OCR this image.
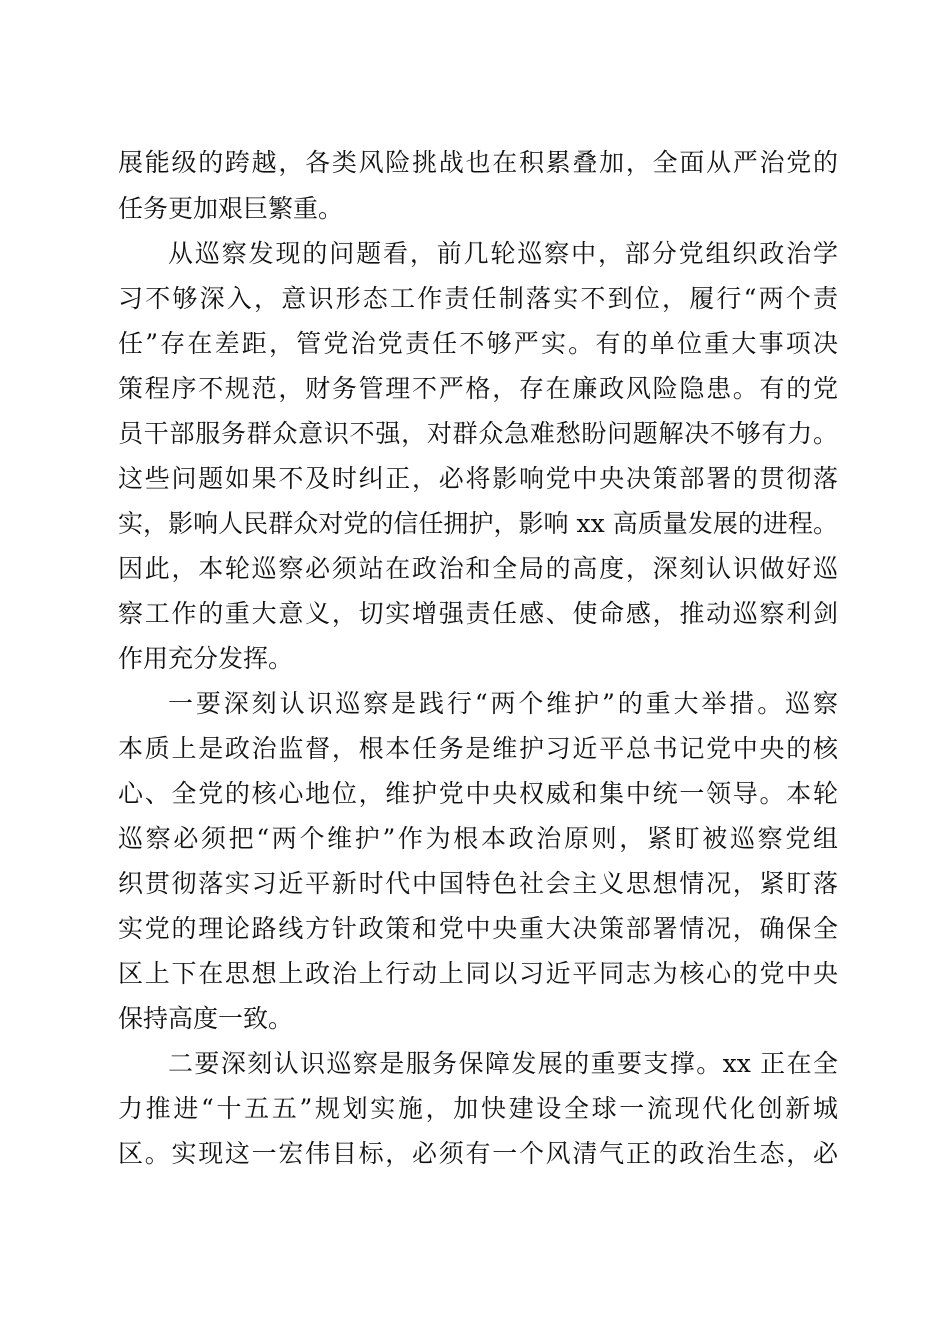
展能级的跨越，各类风险挑战也在积累叠加，全面从严治党的
任务更加艰巨繁重。
从巡察发现的问题看，前几轮巡察中，部分党组织政治学
习不够深入，意识形态工作责任制落实不到位，履行“两个责
任”存在差距，管党治党责任不够严实。有的单位重大事项决
策程序不规范，财务管理不严格，存在廉政风险隐患。有的党
员干部服务群众意识不强，对群众急难愁盼问题解决不够有力。
这些问题如果不及时纠正，必将影响党中央决策部署的贯彻落
实，影响人民群众对党的信任拥护，影响 xx 高质量发展的进程。
因此，本轮巡察必须站在政治和全局的高度，深刻认识做好巡
察工作的重大意义，切实增强责任感、使命感，推动巡察利剑
作用充分发挥。
一要深刻认识巡察是践行“两个维护”的重大举措。巡察
本质上是政治监督，根本任务是维护习近平总书记党中央的核
心、全党的核心地位，维护党中央权威和集中统一领导。本轮
巡察必须把“两个维护”作为根本政治原则，紧盯被巡察党组
织贯彻落实习近平新时代中国特色社会主义思想情况，紧盯落
实党的理论路线方针政策和党中央重大决策部署情况，确保全
区上下在思想上政治上行动上同以习近平同志为核心的党中央
保持高度一致。
二要深刻认识巡察是服务保障发展的重要支撑。xx 正在全
力推进“十五五”规划实施，加快建设全球一流现代化创新城
区。实现这一宏伟目标，必须有一个风清气正的政治生态，必
